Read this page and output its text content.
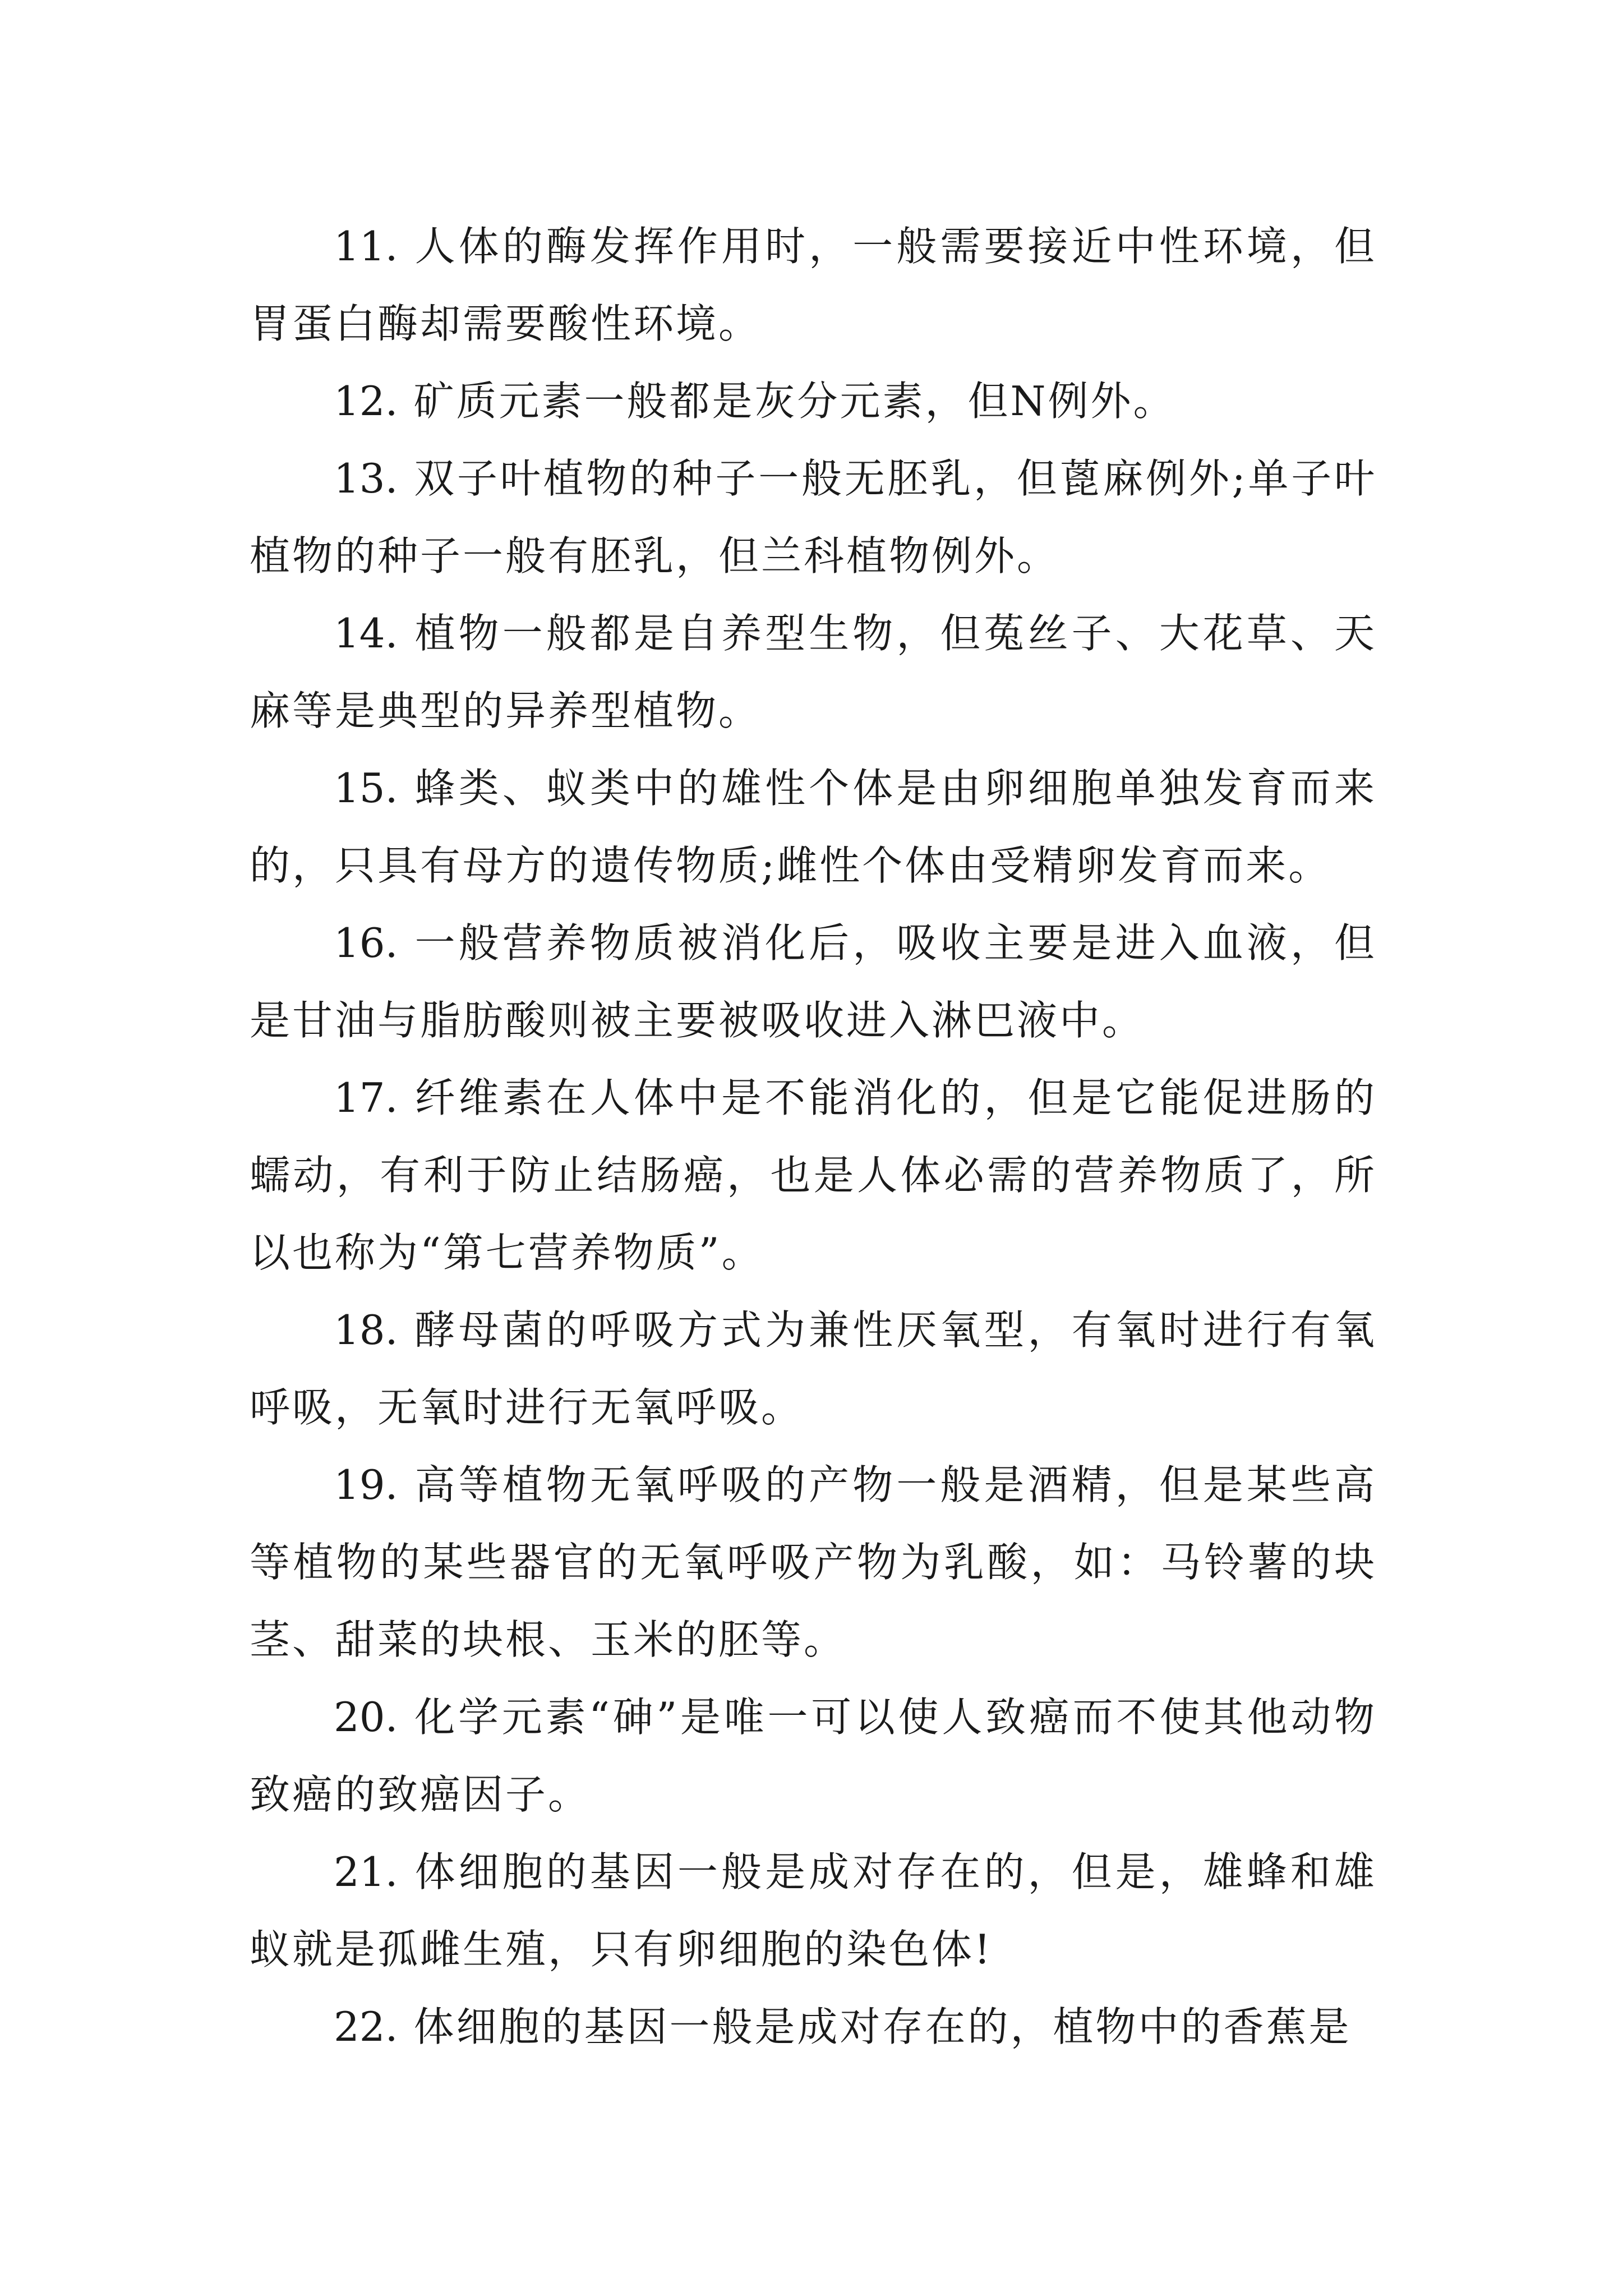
11. 人体的酶发挥作用时，一般需要接近中性环境，但胃蛋白酶却需要酸性环境。

12. 矿质元素一般都是灰分元素，但N例外。

13. 双子叶植物的种子一般无胚乳，但蓖麻例外;单子叶植物的种子一般有胚乳，但兰科植物例外。

14. 植物一般都是自养型生物，但菟丝子、大花草、天麻等是典型的异养型植物。

15. 蜂类、蚁类中的雄性个体是由卵细胞单独发育而来的，只具有母方的遗传物质;雌性个体由受精卵发育而来。

16. 一般营养物质被消化后，吸收主要是进入血液，但是甘油与脂肪酸则被主要被吸收进入淋巴液中。

17. 纤维素在人体中是不能消化的，但是它能促进肠的蠕动，有利于防止结肠癌，也是人体必需的营养物质了，所以也称为“第七营养物质”。

18. 酵母菌的呼吸方式为兼性厌氧型，有氧时进行有氧呼吸，无氧时进行无氧呼吸。

19. 高等植物无氧呼吸的产物一般是酒精，但是某些高等植物的某些器官的无氧呼吸产物为乳酸，如：马铃薯的块茎、甜菜的块根、玉米的胚等。

20. 化学元素“砷”是唯一可以使人致癌而不使其他动物致癌的致癌因子。

21. 体细胞的基因一般是成对存在的，但是，雄蜂和雄蚁就是孤雌生殖，只有卵细胞的染色体!

22. 体细胞的基因一般是成对存在的，植物中的香蕉是
